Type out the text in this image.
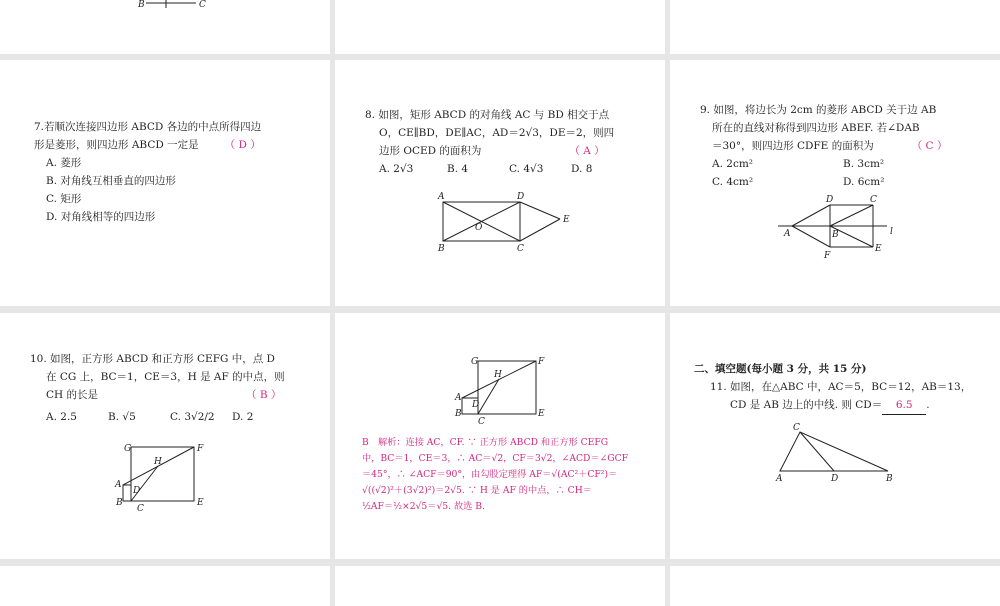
B	C

7.若顺次连接四边形 ABCD 各边的中点所得四边

形是菱形，则四边形 ABCD 一定是 （ D ）

A. 菱形

B. 对角线互相垂直的四边形

C. 矩形

D. 对角线相等的四边形

8. 如图，矩形 ABCD 的对角线 AC 与 BD 相交于点

O，CE∥BD，DE∥AC，AD＝2√3，DE＝2，则四

边形 OCED 的面积为	（ A ）

A. 2√3	B. 4	C. 4√3	D. 8

A	D
E
O
B	C

9. 如图，将边长为 2cm 的菱形 ABCD 关于边 AB

所在的直线对称得到四边形 ABEF. 若∠DAB

＝30°，则四边形 CDFE 的面积为	（ C ）

A. 2cm²	B. 3cm²

C. 4cm²	D. 6cm²

D	C
A	B	l
F
E

10. 如图，正方形 ABCD 和正方形 CEFG 中，点 D

在 CG 上，BC＝1，CE＝3，H 是 AF 的中点，则

CH 的长是	（ B ）

A. 2.5	B. √5	C. 3√2/2	D. 2

G	F
H
A
D
B
C
E
G	F
H
A
D
B
C
E

B　解析：连接 AC，CF. ∵ 正方形 ABCD 和正方形 CEFG

中，BC＝1，CE＝3，∴ AC＝√2，CF＝3√2，∠ACD＝∠GCF

＝45°，∴ ∠ACF＝90°，由勾股定理得 AF＝√(AC²＋CF²)＝

√((√2)²＋(3√2)²)＝2√5. ∵ H 是 AF 的中点，∴ CH＝

½AF＝½×2√5＝√5. 故选 B.

二、填空题(每小题 3 分，共 15 分)

11. 如图，在△ABC 中，AC＝5，BC＝12，AB＝13，

CD 是 AB 边上的中线. 则 CD＝ 6.5 .

C
A	D	B
